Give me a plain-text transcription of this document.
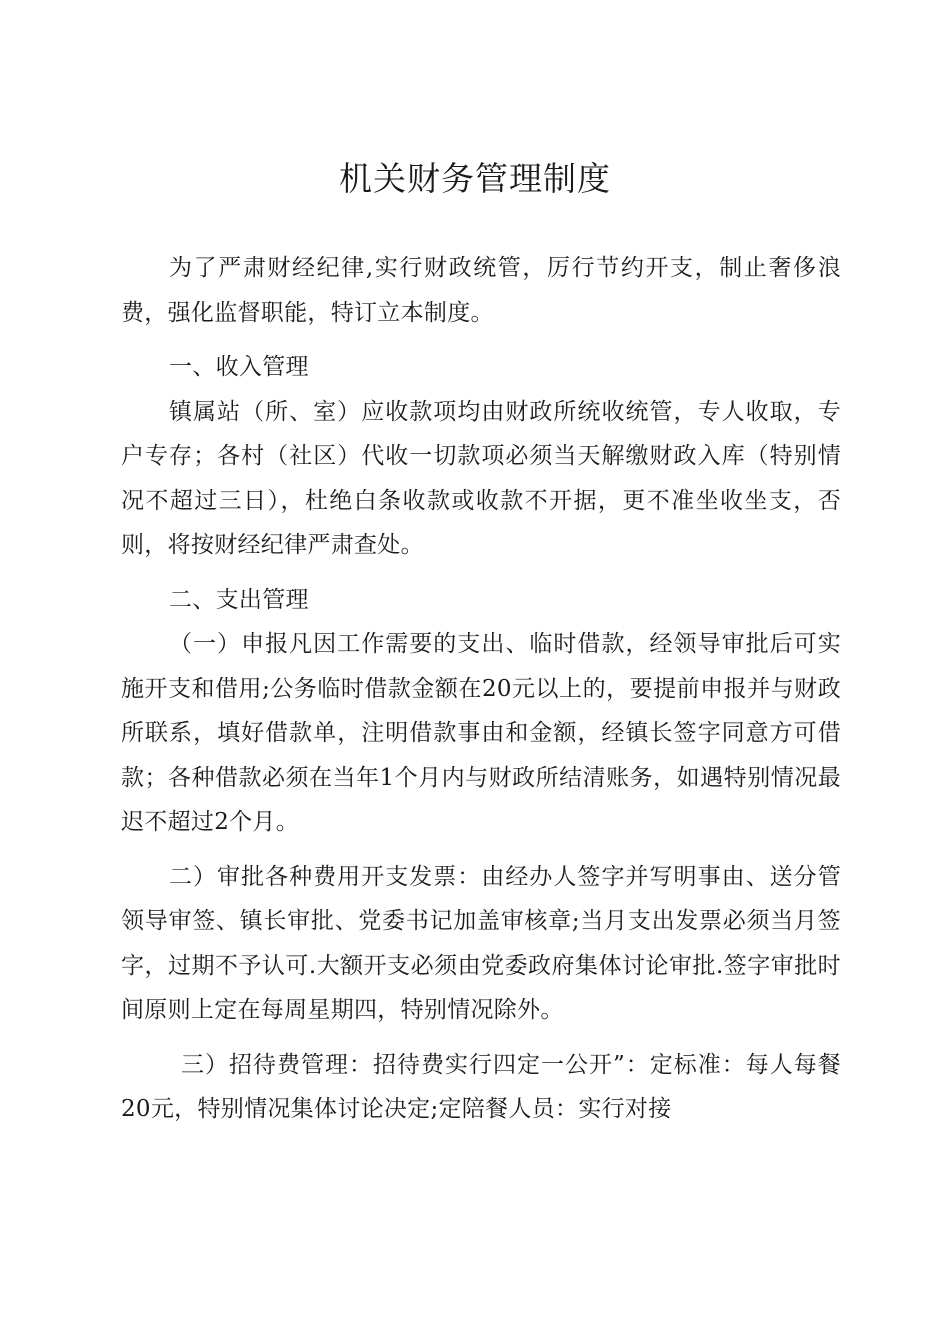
机关财务管理制度

为了严肃财经纪律,实行财政统管，厉行节约开支，制止奢侈浪费，强化监督职能，特订立本制度。

一、收入管理

镇属站（所、室）应收款项均由财政所统收统管，专人收取，专户专存；各村（社区）代收一切款项必须当天解缴财政入库（特别情况不超过三日），杜绝白条收款或收款不开据，更不准坐收坐支，否则，将按财经纪律严肃查处。

二、支出管理

（一）申报凡因工作需要的支出、临时借款，经领导审批后可实施开支和借用;公务临时借款金额在20元以上的，要提前申报并与财政所联系，填好借款单，注明借款事由和金额，经镇长签字同意方可借款；各种借款必须在当年1个月内与财政所结清账务，如遇特别情况最迟不超过2个月。

二）审批各种费用开支发票：由经办人签字并写明事由、送分管领导审签、镇长审批、党委书记加盖审核章;当月支出发票必须当月签字，过期不予认可.大额开支必须由党委政府集体讨论审批.签字审批时间原则上定在每周星期四，特别情况除外。

三）招待费管理：招待费实行四定一公开”：定标准：每人每餐20元，特别情况集体讨论决定;定陪餐人员：实行对接
